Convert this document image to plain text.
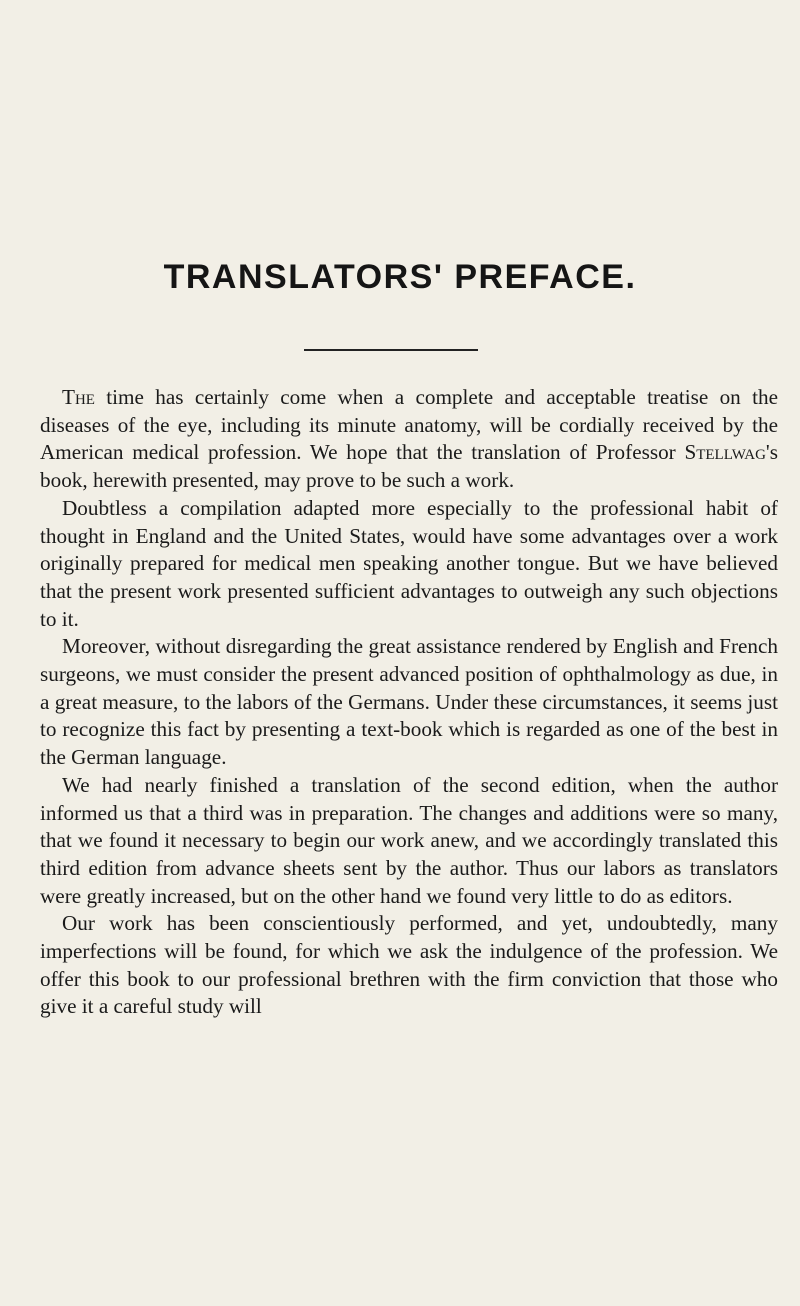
TRANSLATORS' PREFACE.

The time has certainly come when a complete and acceptable treatise on the diseases of the eye, including its minute anatomy, will be cordially received by the American medical profession. We hope that the translation of Professor Stellwag's book, herewith presented, may prove to be such a work.

Doubtless a compilation adapted more especially to the professional habit of thought in England and the United States, would have some advantages over a work originally prepared for medical men speaking another tongue. But we have believed that the present work presented sufficient advantages to outweigh any such objections to it.

Moreover, without disregarding the great assistance rendered by English and French surgeons, we must consider the present advanced position of ophthalmology as due, in a great measure, to the labors of the Germans. Under these circumstances, it seems just to recognize this fact by presenting a text-book which is regarded as one of the best in the German language.

We had nearly finished a translation of the second edition, when the author informed us that a third was in preparation. The changes and additions were so many, that we found it necessary to begin our work anew, and we accordingly translated this third edition from advance sheets sent by the author. Thus our labors as translators were greatly increased, but on the other hand we found very little to do as editors.

Our work has been conscientiously performed, and yet, undoubtedly, many imperfections will be found, for which we ask the indulgence of the profession. We offer this book to our professional brethren with the firm conviction that those who give it a careful study will
